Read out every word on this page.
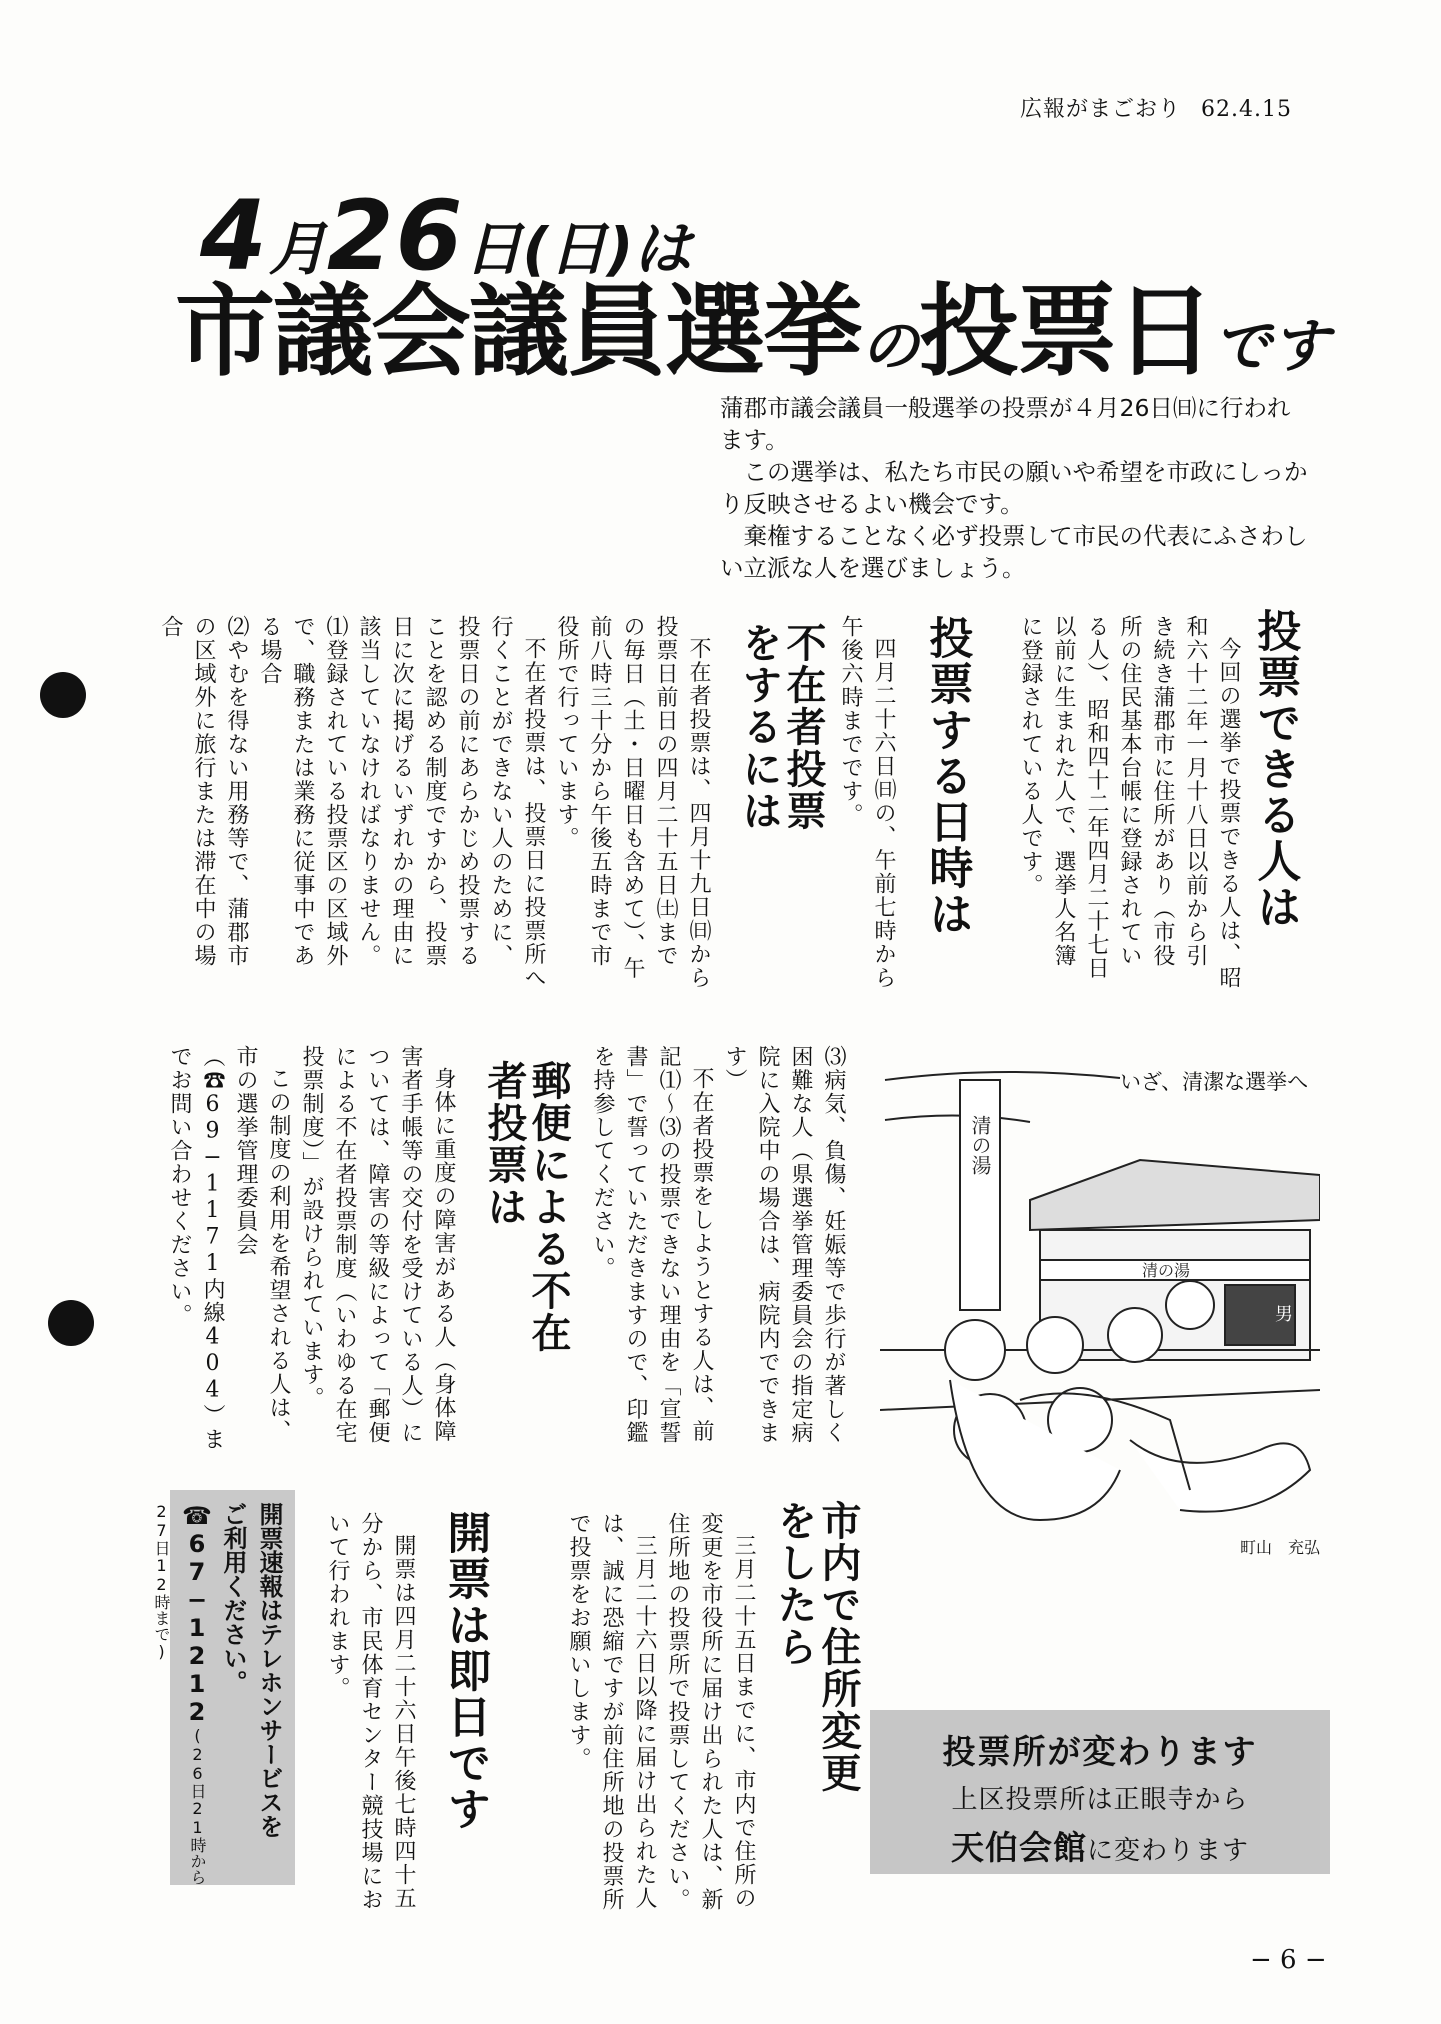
広報がまごおり 62.4.15
4月26日(日)は
市議会議員選挙の投票日です

蒲郡市議会議員一般選挙の投票が４月26日㈰に行われます。

この選挙は、私たち市民の願いや希望を市政にしっかり反映させるよい機会です。

棄権することなく必ず投票して市民の代表にふさわしい立派な人を選びましょう。

投票できる人は

今回の選挙で投票できる人は、昭和六十二年一月十八日以前から引き続き蒲郡市に住所があり（市役所の住民基本台帳に登録されている人）、昭和四十二年四月二十七日以前に生まれた人で、選挙人名簿に登録されている人です。

投票する日時は

四月二十六日㈰の、午前七時から午後六時までです。

不在者投票をするには

不在者投票は、四月十九日㈰から投票日前日の四月二十五日㈯までの毎日（土・日曜日も含めて）、午前八時三十分から午後五時まで市役所で行っています。

不在者投票は、投票日に投票所へ行くことができない人のために、投票日の前にあらかじめ投票することを認める制度ですから、投票日に次に掲げるいずれかの理由に該当していなければなりません。

⑴登録されている投票区の区域外で、職務または業務に従事中である場合

⑵やむを得ない用務等で、蒲郡市の区域外に旅行または滞在中の場合

⑶病気、負傷、妊娠等で歩行が著しく困難な人（県選挙管理委員会の指定病院に入院中の場合は、病院内でできます）

不在者投票をしようとする人は、前記⑴〜⑶の投票できない理由を「宣誓書」で誓っていただきますので、印鑑を持参してください。

郵便による不在者投票は

身体に重度の障害がある人（身体障害者手帳等の交付を受けている人）については、障害の等級によって「郵便による不在者投票制度（いわゆる在宅投票制度）」が設けられています。

この制度の利用を希望される人は、市の選挙管理委員会（☎69−1171内線404）までお問い合わせください。

市内で住所変更をしたら

三月二十五日までに、市内で住所の変更を市役所に届け出られた人は、新住所地の投票所で投票してください。

三月二十六日以降に届け出られた人は、誠に恐縮ですが前住所地の投票所で投票をお願いします。

開票は即日です

開票は四月二十六日午後七時四十五分から、市民体育センター競技場において行われます。

開票速報はテレホンサービスを
ご利用ください。
☎67−1212(26日21時から27日12時まで)
いざ、清潔な選挙へ
清の湯
清の湯
男
町山　充弘
投票所が変わります
上区投票所は正眼寺から
天伯会館に変わります
− 6 −
